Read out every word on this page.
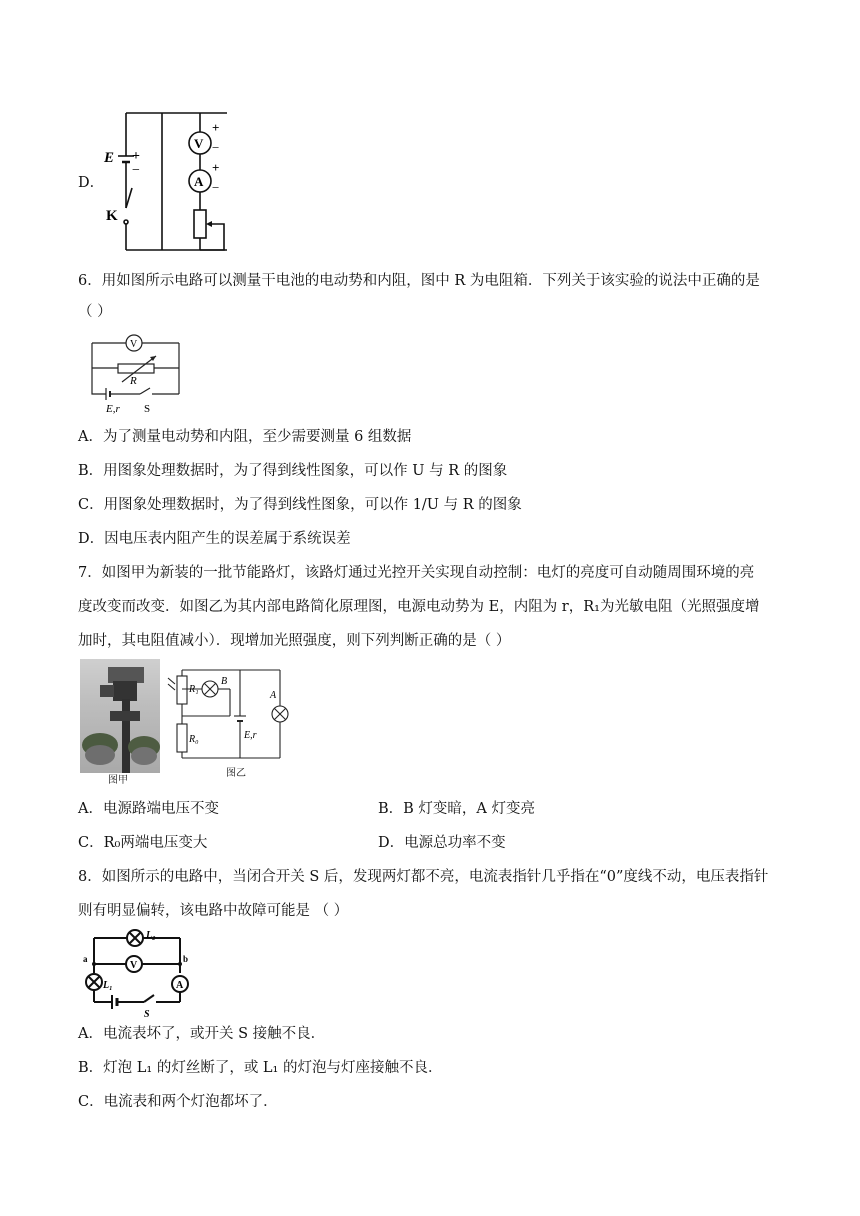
D．
V
A
E +
−
K
+
−
+
−
6．用如图所示电路可以测量干电池的电动势和内阻，图中 R 为电阻箱．下列关于该实验的说法中正确的是
（ ）
V
R
E,r S
A．为了测量电动势和内阻，至少需要测量 6 组数据
B．用图象处理数据时，为了得到线性图象，可以作 U 与 R 的图象
C．用图象处理数据时，为了得到线性图象，可以作 1/U 与 R 的图象
D．因电压表内阻产生的误差属于系统误差
7．如图甲为新装的一批节能路灯，该路灯通过光控开关实现自动控制：电灯的亮度可自动随周围环境的亮
度改变而改变．如图乙为其内部电路简化原理图，电源电动势为 E，内阻为 r，R₁为光敏电阻（光照强度增
加时，其电阻值减小）．现增加光照强度，则下列判断正确的是（ ）
图甲
R₁
B
A
R₀	E,r
图乙
A．电源路端电压不变	B．B 灯变暗，A 灯变亮
C．R₀两端电压变大	D．电源总功率不变
8．如图所示的电路中，当闭合开关 S 后，发现两灯都不亮，电流表指针几乎指在“0”度线不动，电压表指针
则有明显偏转，该电路中故障可能是 （ ）
L₂
V
L₁	A
a	b
S
A．电流表坏了，或开关 S 接触不良．
B．灯泡 L₁ 的灯丝断了，或 L₁ 的灯泡与灯座接触不良．
C．电流表和两个灯泡都坏了．
